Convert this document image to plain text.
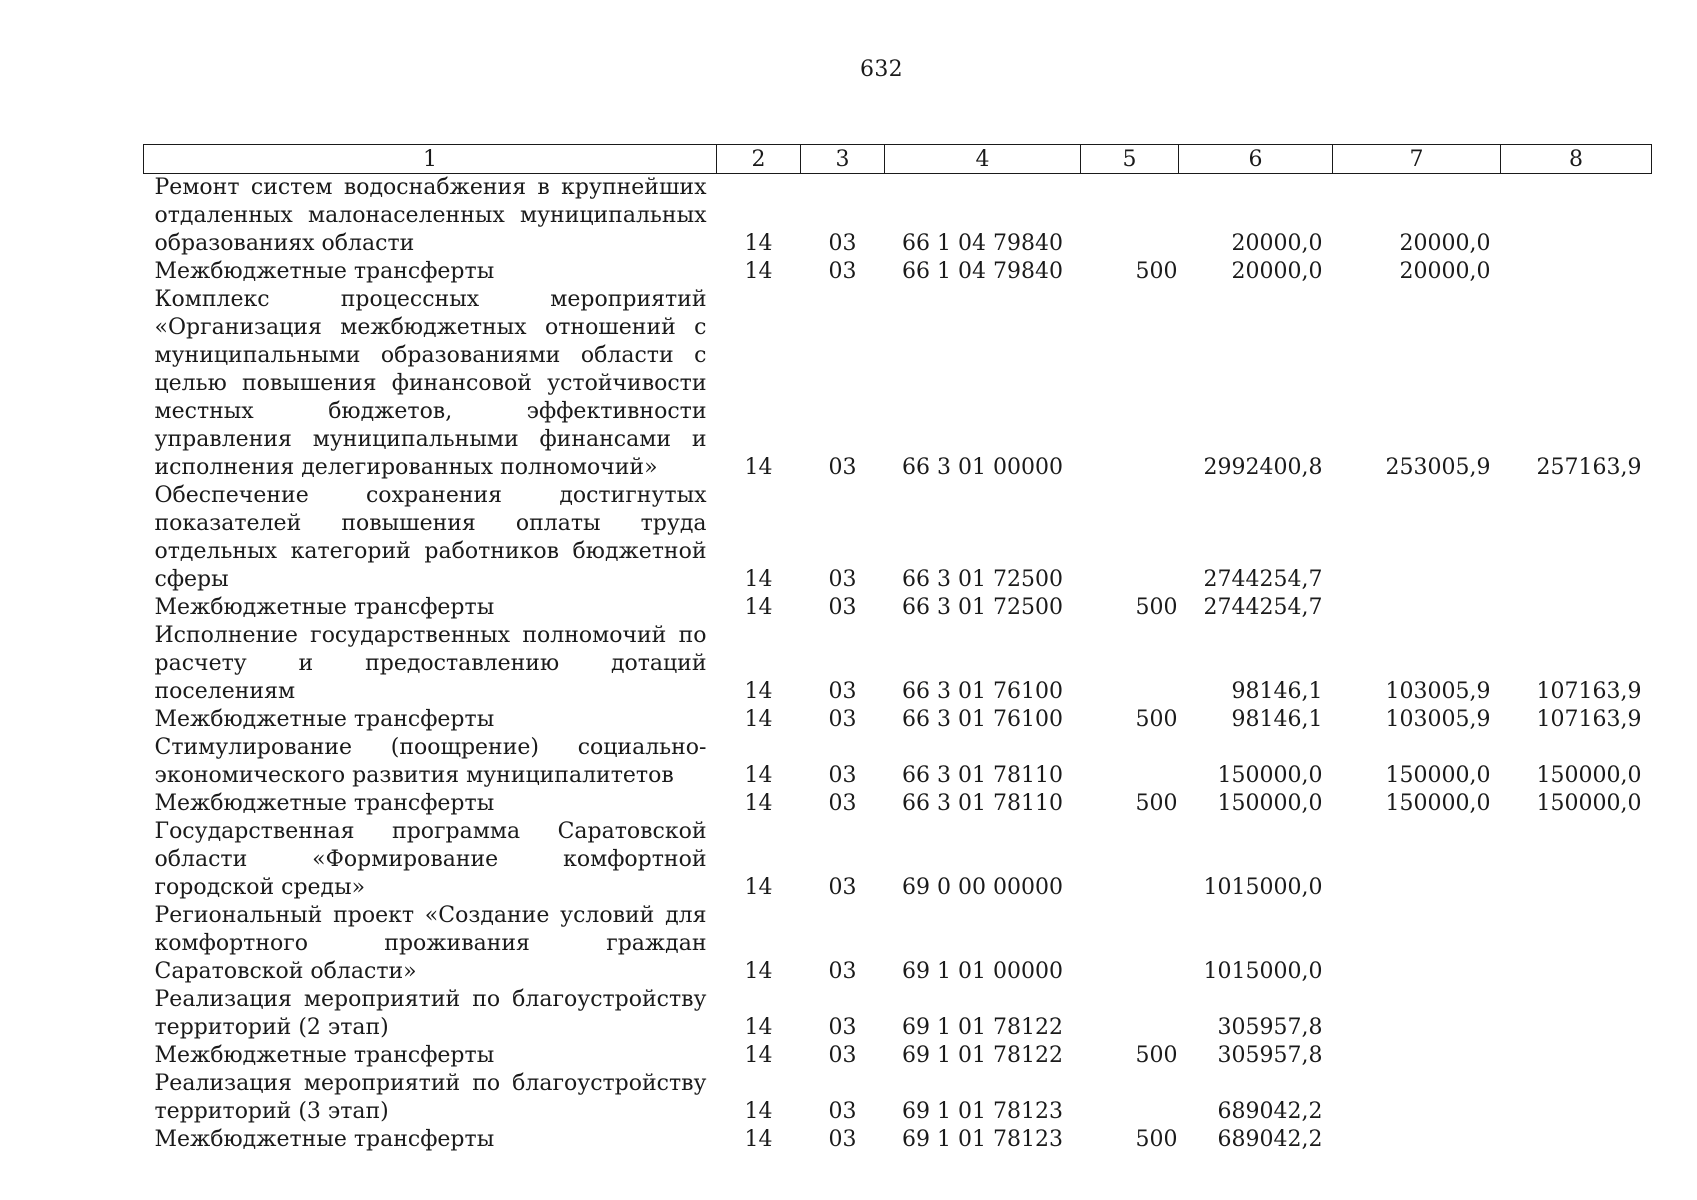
632
1	2	3	4	5	6	7	8
Ремонт систем водоснабжения в крупнейших отдаленных малонаселенных муниципальных образованиях области	14	03	66 1 04 79840		20000,0	20000,0	
Межбюджетные трансферты	14	03	66 1 04 79840	500	20000,0	20000,0	
Комплекс процессных мероприятий «Организация межбюджетных отношений с муниципальными образованиями области с целью повышения финансовой устойчивости местных бюджетов, эффективности управления муниципальными финансами и исполнения делегированных полномочий»	14	03	66 3 01 00000		2992400,8	253005,9	257163,9
Обеспечение сохранения достигнутых показателей повышения оплаты труда отдельных категорий работников бюджетной сферы	14	03	66 3 01 72500		2744254,7		
Межбюджетные трансферты	14	03	66 3 01 72500	500	2744254,7		
Исполнение государственных полномочий по расчету и предоставлению дотаций поселениям	14	03	66 3 01 76100		98146,1	103005,9	107163,9
Межбюджетные трансферты	14	03	66 3 01 76100	500	98146,1	103005,9	107163,9
Стимулирование (поощрение) социально-экономического развития муниципалитетов	14	03	66 3 01 78110		150000,0	150000,0	150000,0
Межбюджетные трансферты	14	03	66 3 01 78110	500	150000,0	150000,0	150000,0
Государственная программа Саратовской области «Формирование комфортной городской среды»	14	03	69 0 00 00000		1015000,0		
Региональный проект «Создание условий для комфортного проживания граждан Саратовской области»	14	03	69 1 01 00000		1015000,0		
Реализация мероприятий по благоустройству территорий (2 этап)	14	03	69 1 01 78122		305957,8		
Межбюджетные трансферты	14	03	69 1 01 78122	500	305957,8		
Реализация мероприятий по благоустройству территорий (3 этап)	14	03	69 1 01 78123		689042,2		
Межбюджетные трансферты	14	03	69 1 01 78123	500	689042,2		
